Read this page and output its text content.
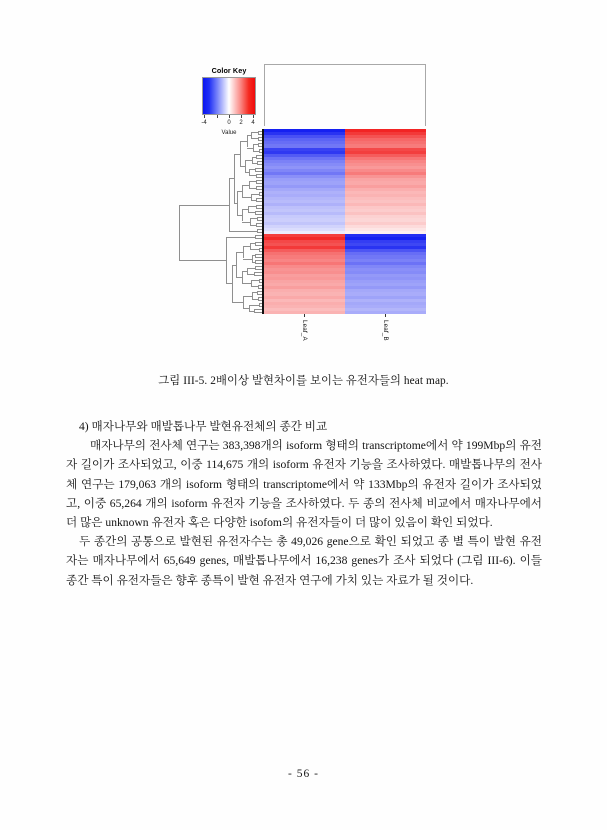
Color Key
-4	0 2 4
Value
Leaf_A	Leaf_B
그림 III-5. 2배이상 발현차이를 보이는 유전자들의 heat map.

4) 매자나무와 매발톱나무 발현유전체의 종간 비교

매자나무의 전사체 연구는 383,398개의 isoform 형태의 transcriptome에서 약 199Mbp의 유전자 길이가 조사되었고, 이중 114,675 개의 isoform 유전자 기능을 조사하였다. 매발톱나무의 전사체 연구는 179,063 개의 isoform 형태의 transcriptome에서 약 133Mbp의 유전자 길이가 조사되었고, 이중 65,264 개의 isoform 유전자 기능을 조사하였다. 두 종의 전사체 비교에서 매자나무에서 더 많은 unknown 유전자 혹은 다양한 isofom의 유전자들이 더 많이 있음이 확인 되었다.

두 종간의 공통으로 발현된 유전자수는 총 49,026 gene으로 확인 되었고 종 별 특이 발현 유전자는 매자나무에서 65,649 genes, 매발톱나무에서 16,238 genes가 조사 되었다 (그림 III-6). 이들 종간 특이 유전자들은 향후 종특이 발현 유전자 연구에 가치 있는 자료가 될 것이다.

- 56 -
